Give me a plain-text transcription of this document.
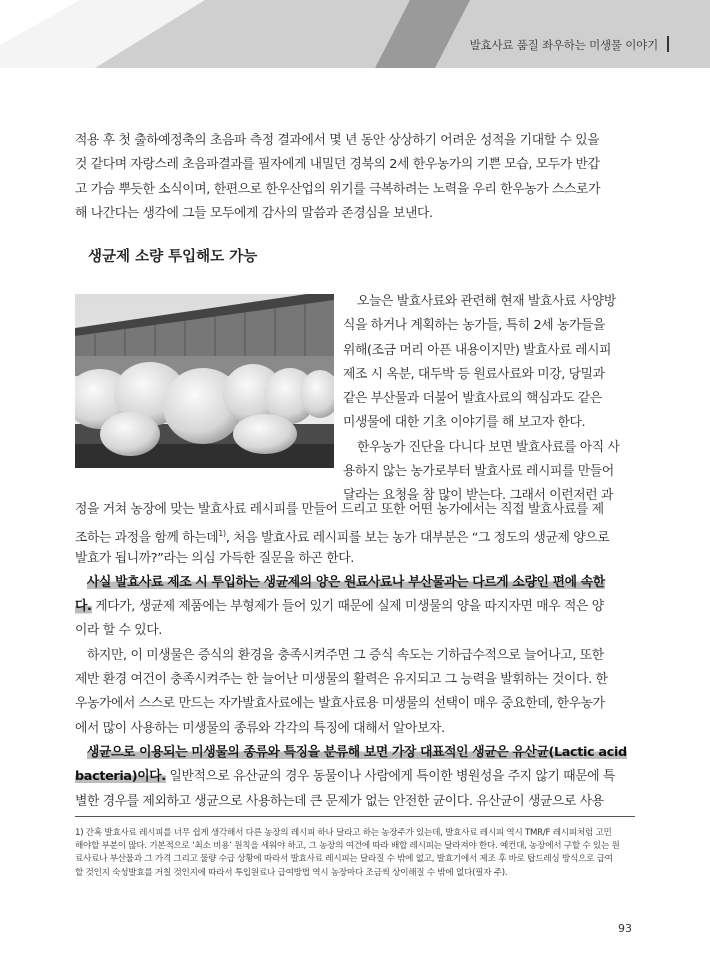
발효사료 품질 좌우하는 미생물 이야기
적용 후 첫 출하예정축의 초음파 측정 결과에서 몇 년 동안 상상하기 어려운 성적을 기대할 수 있을
것 같다며 자랑스레 초음파결과를 필자에게 내밀던 경북의 2세 한우농가의 기쁜 모습, 모두가 반갑
고 가슴 뿌듯한 소식이며, 한편으로 한우산업의 위기를 극복하려는 노력을 우리 한우농가 스스로가
해 나간다는 생각에 그들 모두에게 감사의 말씀과 존경심을 보낸다.
생균제 소량 투입해도 가능
오늘은 발효사료와 관련해 현재 발효사료 사양방
식을 하거나 계획하는 농가들, 특히 2세 농가들을
위해(조금 머리 아픈 내용이지만) 발효사료 레시피
제조 시 옥분, 대두박 등 원료사료와 미강, 당밀과
같은 부산물과 더불어 발효사료의 핵심과도 같은
미생물에 대한 기초 이야기를 해 보고자 한다.
한우농가 진단을 다니다 보면 발효사료를 아직 사
용하지 않는 농가로부터 발효사료 레시피를 만들어
달라는 요청을 참 많이 받는다. 그래서 이런저런 과
정을 거쳐 농장에 맞는 발효사료 레시피를 만들어 드리고 또한 어떤 농가에서는 직접 발효사료를 제
조하는 과정을 함께 하는데$^{1)}$, 처음 발효사료 레시피를 보는 농가 대부분은 “그 정도의 생균제 양으로
발효가 됩니까?”라는 의심 가득한 질문을 하곤 한다.
사실 발효사료 제조 시 투입하는 생균제의 양은 원료사료나 부산물과는 다르게 소량인 편에 속한
다. 게다가, 생균제 제품에는 부형제가 들어 있기 때문에 실제 미생물의 양을 따지자면 매우 적은 양
이라 할 수 있다.
하지만, 이 미생물은 증식의 환경을 충족시켜주면 그 증식 속도는 기하급수적으로 늘어나고, 또한
제반 환경 여건이 충족시켜주는 한 늘어난 미생물의 활력은 유지되고 그 능력을 발휘하는 것이다. 한
우농가에서 스스로 만드는 자가발효사료에는 발효사료용 미생물의 선택이 매우 중요한데, 한우농가
에서 많이 사용하는 미생물의 종류와 각각의 특징에 대해서 알아보자.
생균으로 이용되는 미생물의 종류와 특징을 분류해 보면 가장 대표적인 생균은 유산균(Lactic acid
bacteria)이다. 일반적으로 유산균의 경우 동물이나 사람에게 특이한 병원성을 주지 않기 때문에 특
별한 경우를 제외하고 생균으로 사용하는데 큰 문제가 없는 안전한 균이다. 유산균이 생균으로 사용
1) 간혹 발효사료 레시피를 너무 쉽게 생각해서 다른 농장의 레시피 하나 달라고 하는 농장주가 있는데, 발효사료 레시피 역시 TMR/F 레시피처럼 고민
해야할 부분이 많다. 기본적으로 ‘최소 비용’ 원칙을 세워야 하고, 그 농장의 여건에 따라 배합 레시피는 달라져야 한다. 예컨대, 농장에서 구할 수 있는 원
료사료나 부산물과 그 가격 그리고 물량 수급 상황에 따라서 발효사료 레시피는 달라질 수 밖에 없고, 발효기에서 제조 후 바로 탑드레싱 방식으로 급여
할 것인지 숙성발효를 거칠 것인지에 따라서 투입원료나 급여방법 역시 농장마다 조금씩 상이해질 수 밖에 없다(필자 주).
93
